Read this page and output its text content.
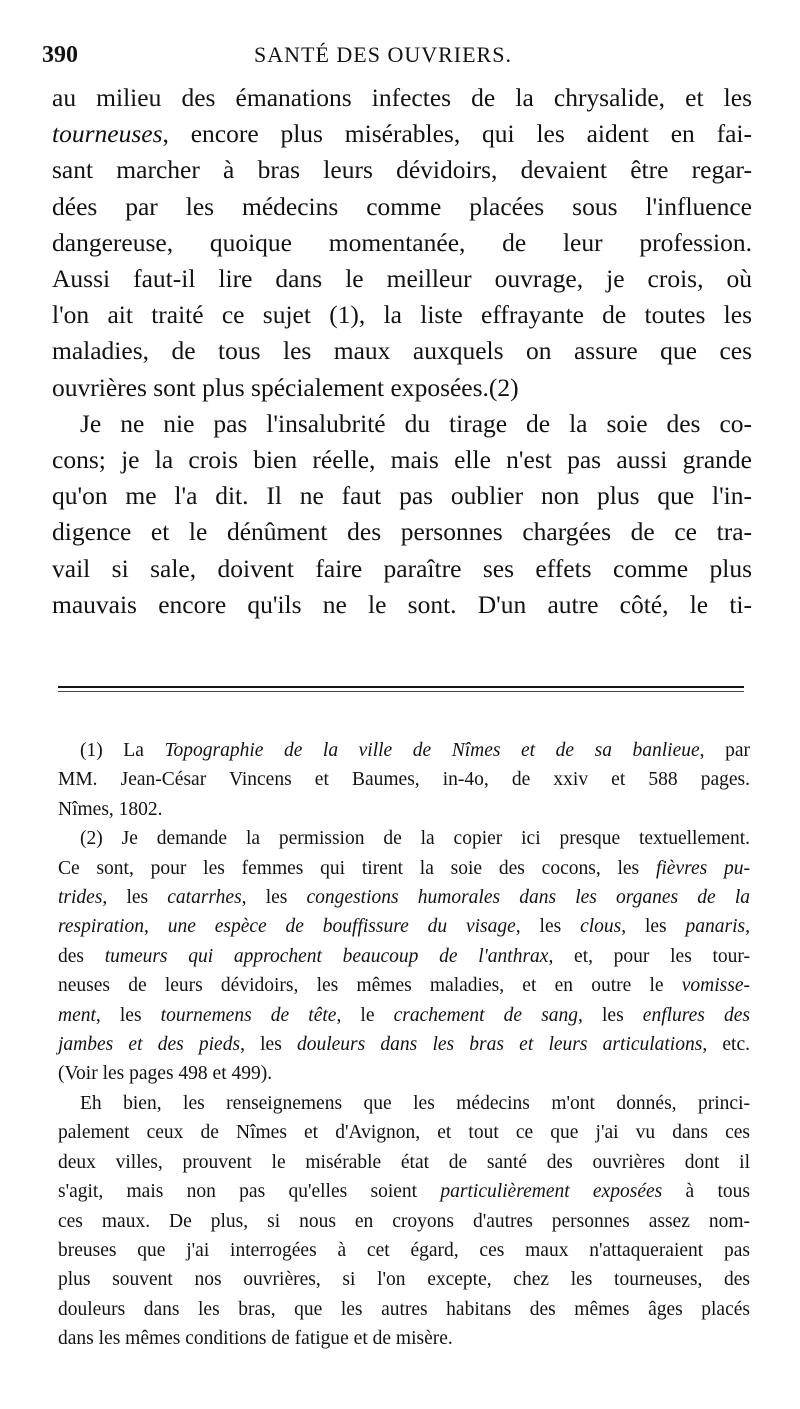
390	SANTÉ DES OUVRIERS.

au milieu des émanations infectes de la chrysalide, et les

tourneuses, encore plus misérables, qui les aident en fai-

sant marcher à bras leurs dévidoirs, devaient être regar-

dées par les médecins comme placées sous l'influence

dangereuse, quoique momentanée, de leur profession.

Aussi faut-il lire dans le meilleur ouvrage, je crois, où

l'on ait traité ce sujet (1), la liste effrayante de toutes les

maladies, de tous les maux auxquels on assure que ces

ouvrières sont plus spécialement exposées.(2)

Je ne nie pas l'insalubrité du tirage de la soie des co-

cons; je la crois bien réelle, mais elle n'est pas aussi grande

qu'on me l'a dit. Il ne faut pas oublier non plus que l'in-

digence et le dénûment des personnes chargées de ce tra-

vail si sale, doivent faire paraître ses effets comme plus

mauvais encore qu'ils ne le sont. D'un autre côté, le ti-

(1) La Topographie de la ville de Nîmes et de sa banlieue, par

MM. Jean-César Vincens et Baumes, in-4o, de xxiv et 588 pages.

Nîmes, 1802.

(2) Je demande la permission de la copier ici presque textuellement.

Ce sont, pour les femmes qui tirent la soie des cocons, les fièvres pu-

trides, les catarrhes, les congestions humorales dans les organes de la

respiration, une espèce de bouffissure du visage, les clous, les panaris,

des tumeurs qui approchent beaucoup de l'anthrax, et, pour les tour-

neuses de leurs dévidoirs, les mêmes maladies, et en outre le vomisse-

ment, les tournemens de tête, le crachement de sang, les enflures des

jambes et des pieds, les douleurs dans les bras et leurs articulations, etc.

(Voir les pages 498 et 499).

Eh bien, les renseignemens que les médecins m'ont donnés, princi-

palement ceux de Nîmes et d'Avignon, et tout ce que j'ai vu dans ces

deux villes, prouvent le misérable état de santé des ouvrières dont il

s'agit, mais non pas qu'elles soient particulièrement exposées à tous

ces maux. De plus, si nous en croyons d'autres personnes assez nom-

breuses que j'ai interrogées à cet égard, ces maux n'attaqueraient pas

plus souvent nos ouvrières, si l'on excepte, chez les tourneuses, des

douleurs dans les bras, que les autres habitans des mêmes âges placés

dans les mêmes conditions de fatigue et de misère.
